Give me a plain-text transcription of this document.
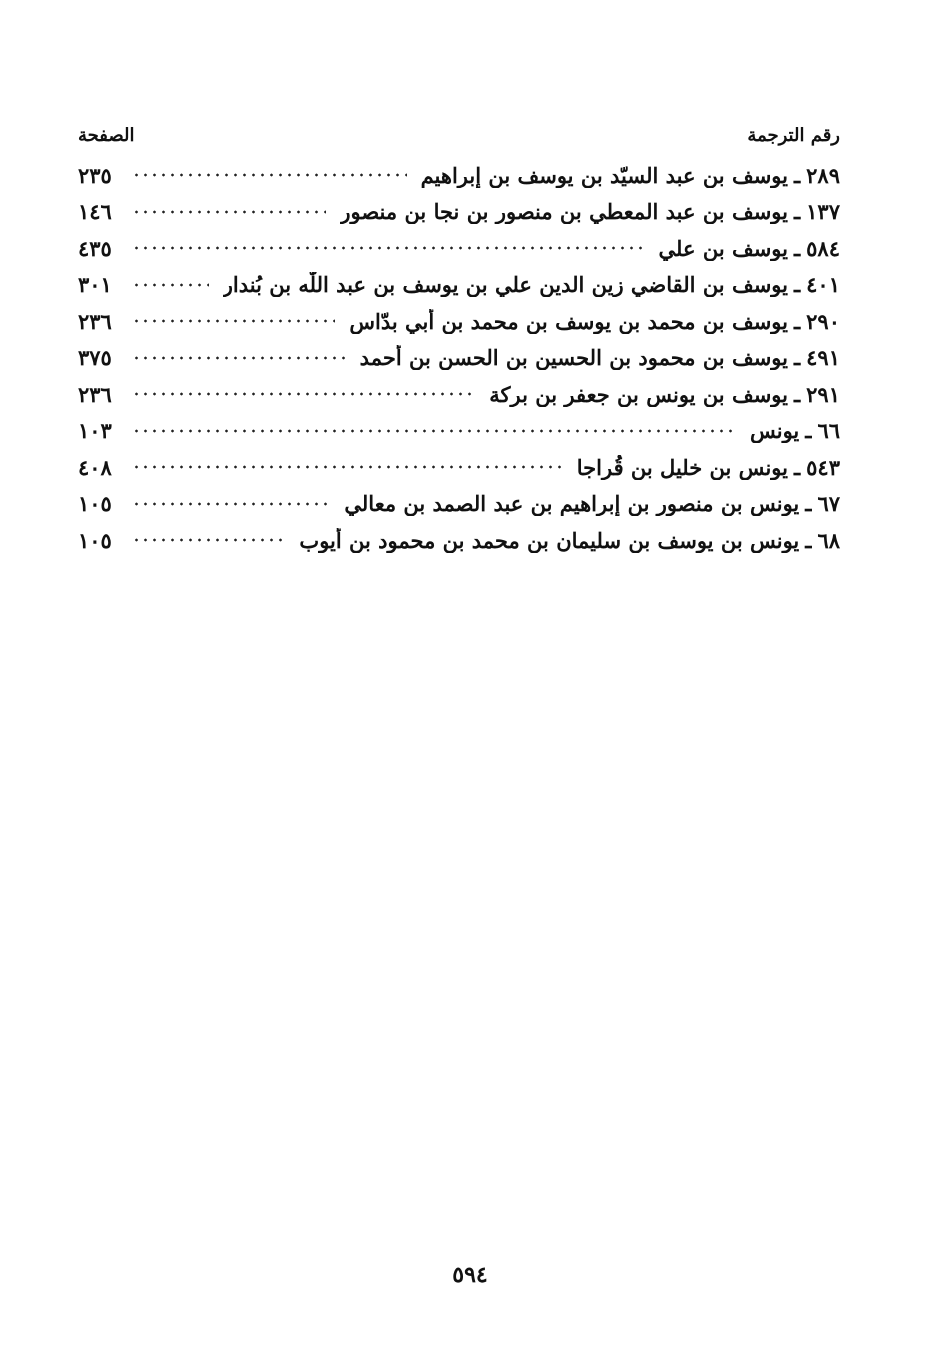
رقم الترجمة
الصفحة
٢٨٩
ـ
يوسف بن عبد السيّد بن يوسف بن إبراهيم
٢٣٥
١٣٧
ـ
يوسف بن عبد المعطي بن منصور بن نجا بن منصور
١٤٦
٥٨٤
ـ
يوسف بن علي
٤٣٥
٤٠١
ـ
يوسف بن القاضي زين الدين علي بن يوسف بن عبد اللّٰه بن بُندار
٣٠١
٢٩٠
ـ
يوسف بن محمد بن يوسف بن محمد بن أبي بدّاس
٢٣٦
٤٩١
ـ
يوسف بن محمود بن الحسين بن الحسن بن أحمد
٣٧٥
٢٩١
ـ
يوسف بن يونس بن جعفر بن بركة
٢٣٦
٦٦
ـ
يونس
١٠٣
٥٤٣
ـ
يونس بن خليل بن قُراجا
٤٠٨
٦٧
ـ
يونس بن منصور بن إبراهيم بن عبد الصمد بن معالي
١٠٥
٦٨
ـ
يونس بن يوسف بن سليمان بن محمد بن محمود بن أيوب
١٠٥
٥٩٤
